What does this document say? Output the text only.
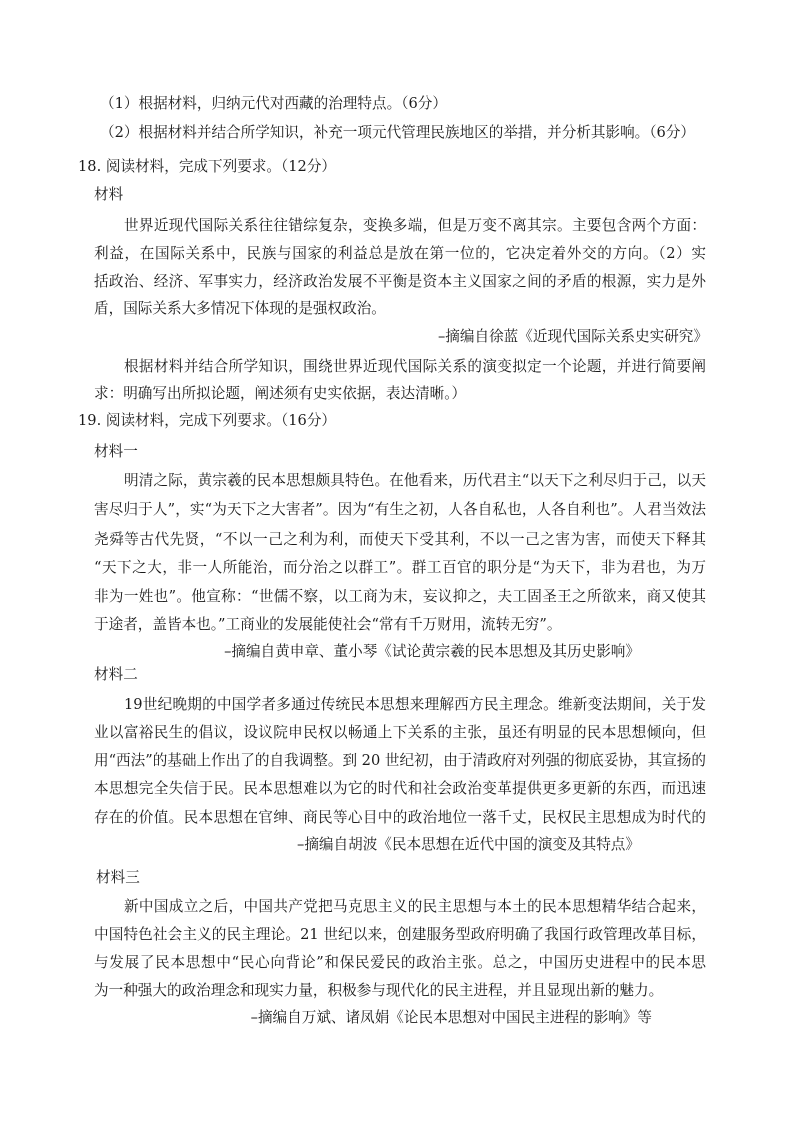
（1）根据材料，归纳元代对西藏的治理特点。（6分）
（2）根据材料并结合所学知识，补充一项元代管理民族地区的举措，并分析其影响。（6分）
18. 阅读材料，完成下列要求。（12分）
材料
世界近现代国际关系往往错综复杂，变换多端，但是万变不离其宗。主要包含两个方面：
利益，在国际关系中，民族与国家的利益总是放在第一位的，它决定着外交的方向。（2）实
括政治、经济、军事实力，经济政治发展不平衡是资本主义国家之间的矛盾的根源，实力是外
盾，国际关系大多情况下体现的是强权政治。
–摘编自徐蓝《近现代国际关系史实研究》
根据材料并结合所学知识，围绕世界近现代国际关系的演变拟定一个论题，并进行简要阐
求：明确写出所拟论题，阐述须有史实依据，表达清晰。）
19. 阅读材料，完成下列要求。（16分）
材料一
明清之际，黄宗羲的民本思想颇具特色。在他看来，历代君主“以天下之利尽归于己，以天
害尽归于人”，实“为天下之大害者”。因为“有生之初，人各自私也，人各自利也”。人君当效法
尧舜等古代先贤，“不以一己之利为利，而使天下受其利，不以一己之害为害，而使天下释其
“天下之大，非一人所能治，而分治之以群工”。群工百官的职分是“为天下，非为君也，为万
非为一姓也”。他宣称：“世儒不察，以工商为末，妄议抑之，夫工固圣王之所欲来，商又使其
于途者，盖皆本也。”工商业的发展能使社会“常有千万财用，流转无穷”。
–摘编自黄申章、董小琴《试论黄宗羲的民本思想及其历史影响》
材料二
19世纪晚期的中国学者多通过传统民本思想来理解西方民主理念。维新变法期间，关于发
业以富裕民生的倡议，设议院申民权以畅通上下关系的主张，虽还有明显的民本思想倾向，但
用“西法”的基础上作出了的自我调整。到 20 世纪初，由于清政府对列强的彻底妥协，其宣扬的
本思想完全失信于民。民本思想难以为它的时代和社会政治变革提供更多更新的东西，而迅速
存在的价值。民本思想在官绅、商民等心目中的政治地位一落千丈，民权民主思想成为时代的
–摘编自胡波《民本思想在近代中国的演变及其特点》
材料三
新中国成立之后，中国共产党把马克思主义的民主思想与本土的民本思想精华结合起来，
中国特色社会主义的民主理论。21 世纪以来，创建服务型政府明确了我国行政管理改革目标，
与发展了民本思想中“民心向背论”和保民爱民的政治主张。总之，中国历史进程中的民本思
为一种强大的政治理念和现实力量，积极参与现代化的民主进程，并且显现出新的魅力。
–摘编自万斌、诸凤娟《论民本思想对中国民主进程的影响》等
